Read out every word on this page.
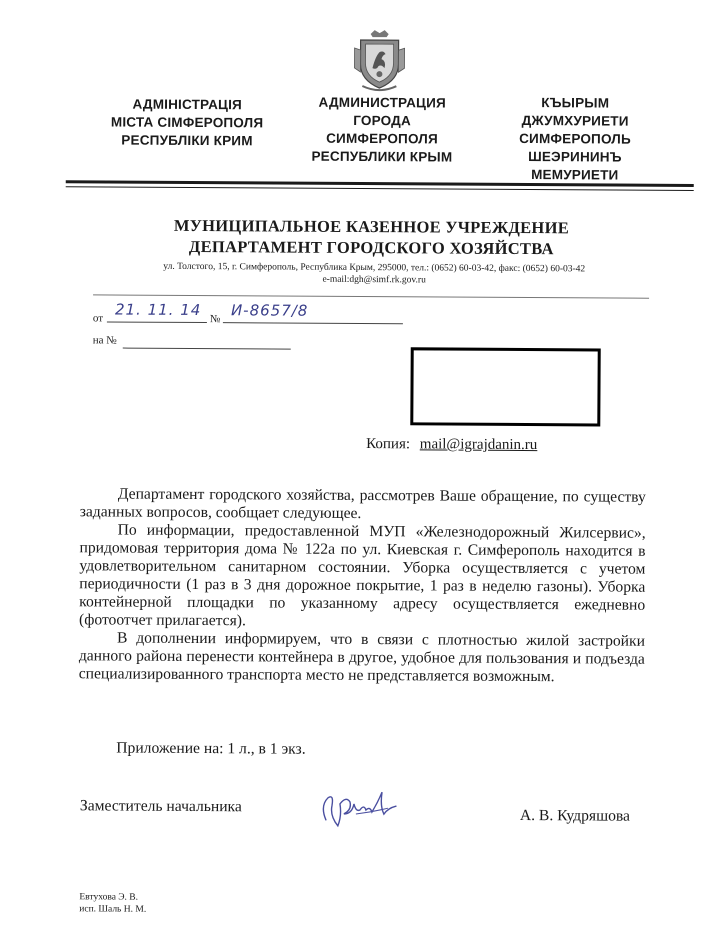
АДМІНІСТРАЦІЯ
МІСТА СІМФЕРОПОЛЯ
РЕСПУБЛІКИ КРИМ
АДМИНИСТРАЦИЯ
ГОРОДА
СИМФЕРОПОЛЯ
РЕСПУБЛИКИ КРЫМ
КЪЫРЫМ
ДЖУМХУРИЕТИ
СИМФЕРОПОЛЬ
ШЕЭРИНИНЪ
МЕМУРИЕТИ
МУНИЦИПАЛЬНОЕ КАЗЕННОЕ УЧРЕЖДЕНИЕ
ДЕПАРТАМЕНТ ГОРОДСКОГО ХОЗЯЙСТВА
ул. Толстого, 15, г. Симферополь, Республика Крым, 295000, тел.: (0652) 60-03-42, факс: (0652) 60-03-42
e-mail:dgh@simf.rk.gov.ru
от 21. 11. 14
№ И-8657/8
на №
Копия: mail@igrajdanin.ru

Департамент городского хозяйства, рассмотрев Ваше обращение, по существу заданных вопросов, сообщает следующее.

По информации, предоставленной МУП «Железнодорожный Жилсервис», придомовая территория дома № 122а по ул. Киевская г. Симферополь находится в удовлетворительном санитарном состоянии. Уборка осуществляется с учетом периодичности (1 раз в 3 дня дорожное покрытие, 1 раз в неделю газоны). Уборка контейнерной площадки по указанному адресу осуществляется ежедневно (фотоотчет прилагается).

В дополнении информируем, что в связи с плотностью жилой застройки данного района перенести контейнера в другое, удобное для пользования и подъезда специализированного транспорта место не представляется возможным.

Приложение на: 1 л., в 1 экз.
Заместитель начальника
А. В. Кудряшова
Евтухова Э. В.
исп. Шаль Н. М.
